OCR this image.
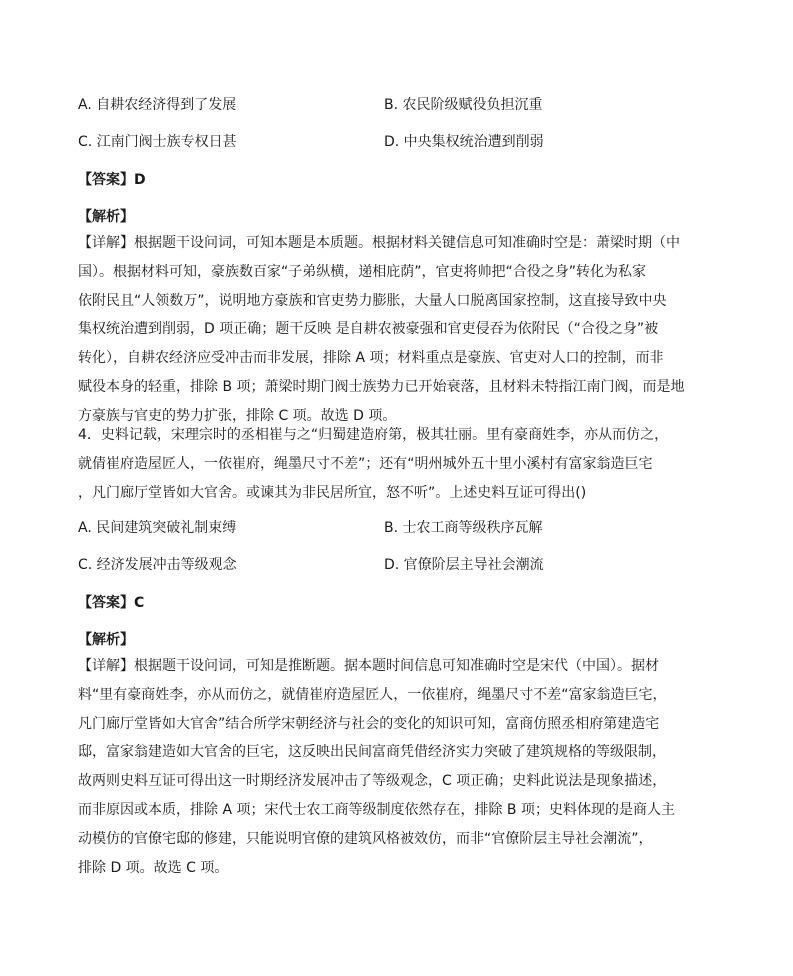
A. 自耕农经济得到了发展	B. 农民阶级赋役负担沉重
C. 江南门阀士族专权日甚	D. 中央集权统治遭到削弱
【答案】D
【解析】
【详解】根据题干设问词，可知本题是本质题。根据材料关键信息可知准确时空是：萧梁时期（中
国）。根据材料可知，豪族数百家“子弟纵横，递相庇荫”，官吏将帅把“合役之身”转化为私家
依附民且“人领数万”，说明地方豪族和官吏势力膨胀，大量人口脱离国家控制，这直接导致中央
集权统治遭到削弱，D 项正确；题干反映 是自耕农被豪强和官吏侵吞为依附民（“合役之身”被
转化），自耕农经济应受冲击而非发展，排除 A 项；材料重点是豪族、官吏对人口的控制，而非
赋役本身的轻重，排除 B 项；萧梁时期门阀士族势力已开始衰落，且材料未特指江南门阀，而是地
方豪族与官吏的势力扩张，排除 C 项。故选 D 项。
4．史料记载，宋理宗时的丞相崔与之“归蜀建造府第，极其壮丽。里有豪商姓李，亦从而仿之，
就倩崔府造屋匠人，一依崔府，绳墨尺寸不差”；还有“明州城外五十里小溪村有富家翁造巨宅
，凡门廊厅堂皆如大官舍。或谏其为非民居所宜，怒不听”。上述史料互证可得出()
A. 民间建筑突破礼制束缚	B. 士农工商等级秩序瓦解
C. 经济发展冲击等级观念	D. 官僚阶层主导社会潮流
【答案】C
【解析】
【详解】根据题干设问词，可知是推断题。据本题时间信息可知准确时空是宋代（中国）。据材
料“里有豪商姓李，亦从而仿之，就倩崔府造屋匠人，一依崔府，绳墨尺寸不差“富家翁造巨宅，
凡门廊厅堂皆如大官舍”结合所学宋朝经济与社会的变化的知识可知，富商仿照丞相府第建造宅
邸，富家翁建造如大官舍的巨宅，这反映出民间富商凭借经济实力突破了建筑规格的等级限制，
故两则史料互证可得出这一时期经济发展冲击了等级观念，C 项正确；史料此说法是现象描述，
而非原因或本质，排除 A 项；宋代士农工商等级制度依然存在，排除 B 项；史料体现的是商人主
动模仿的官僚宅邸的修建，只能说明官僚的建筑风格被效仿，而非“官僚阶层主导社会潮流”，
排除 D 项。故选 C 项。
